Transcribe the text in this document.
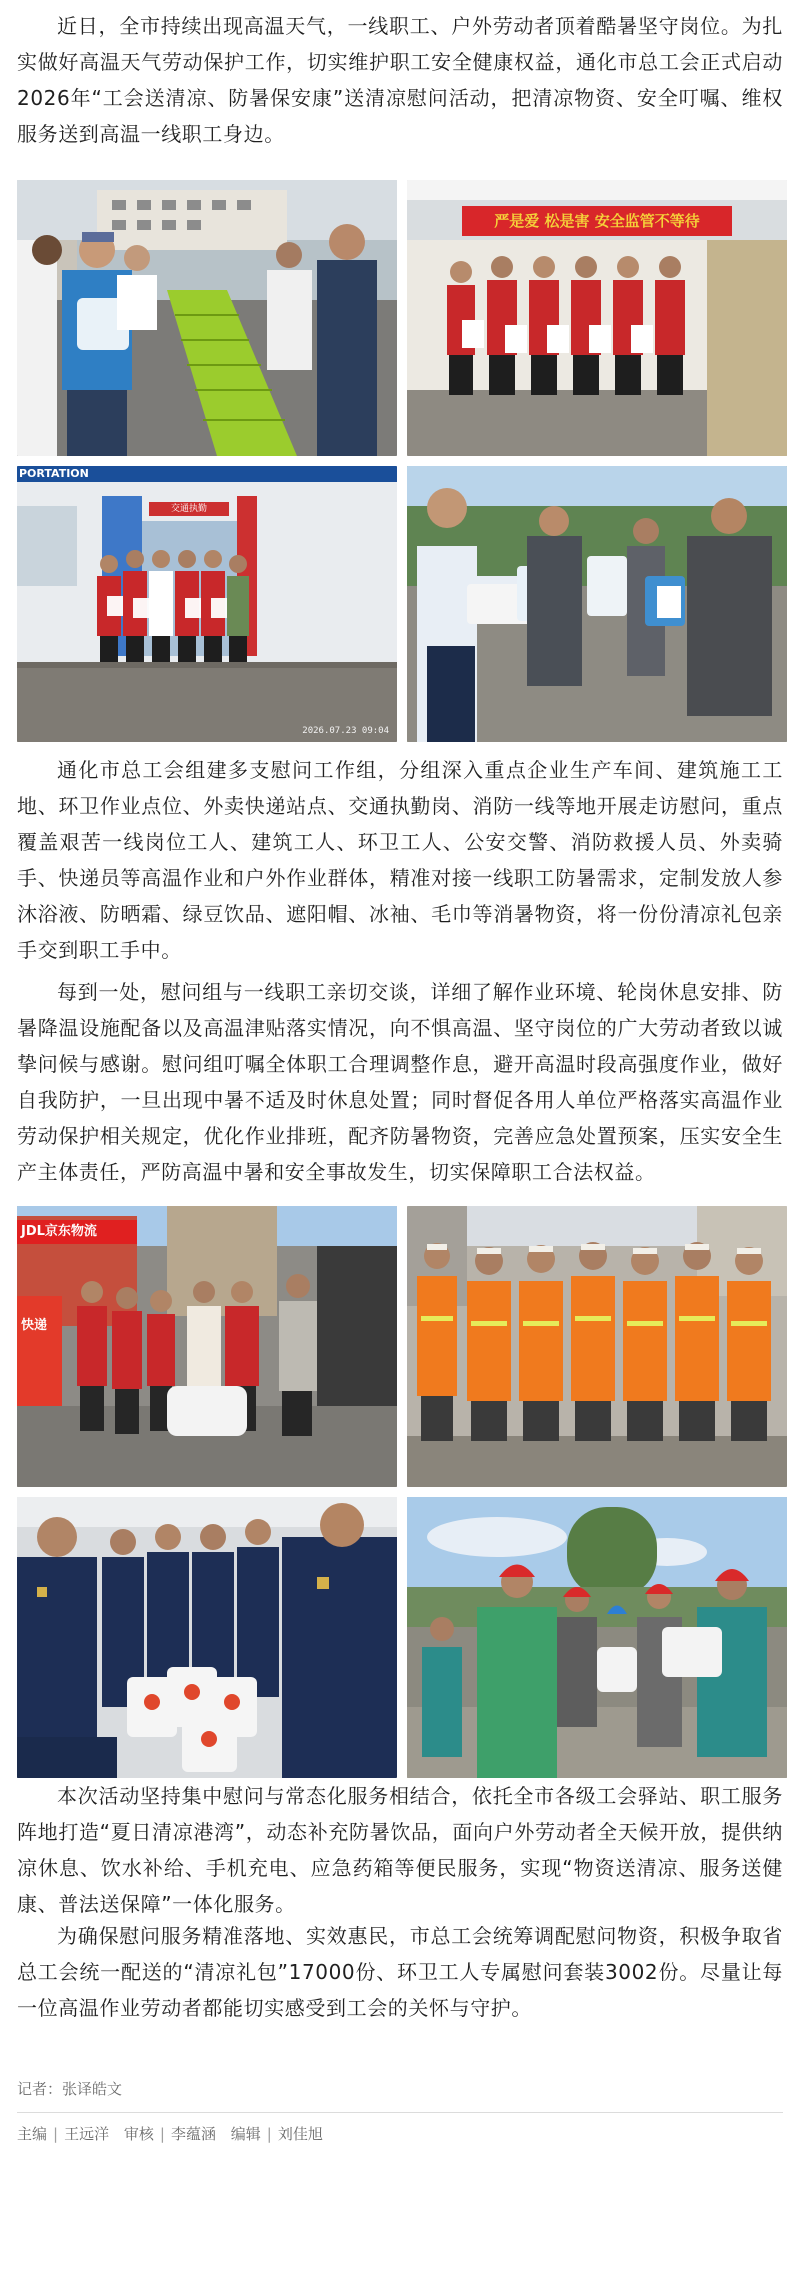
近日，全市持续出现高温天气，一线职工、户外劳动者顶着酷暑坚守岗位。为扎实做好高温天气劳动保护工作，切实维护职工安全健康权益，通化市总工会正式启动2026年“工会送清凉、防暑保安康”送清凉慰问活动，把清凉物资、安全叮嘱、维权服务送到高温一线职工身边。

严是爱 松是害 安全监管不等待
PORTATION
交通执勤
2026.07.23 09:04

通化市总工会组建多支慰问工作组，分组深入重点企业生产车间、建筑施工工地、环卫作业点位、外卖快递站点、交通执勤岗、消防一线等地开展走访慰问，重点覆盖艰苦一线岗位工人、建筑工人、环卫工人、公安交警、消防救援人员、外卖骑手、快递员等高温作业和户外作业群体，精准对接一线职工防暑需求，定制发放人参沐浴液、防晒霜、绿豆饮品、遮阳帽、冰袖、毛巾等消暑物资，将一份份清凉礼包亲手交到职工手中。

每到一处，慰问组与一线职工亲切交谈，详细了解作业环境、轮岗休息安排、防暑降温设施配备以及高温津贴落实情况，向不惧高温、坚守岗位的广大劳动者致以诚挚问候与感谢。慰问组叮嘱全体职工合理调整作息，避开高温时段高强度作业，做好自我防护，一旦出现中暑不适及时休息处置；同时督促各用人单位严格落实高温作业劳动保护相关规定，优化作业排班，配齐防暑物资，完善应急处置预案，压实安全生产主体责任，严防高温中暑和安全事故发生，切实保障职工合法权益。

JDL京东物流
快递

本次活动坚持集中慰问与常态化服务相结合，依托全市各级工会驿站、职工服务阵地打造“夏日清凉港湾”，动态补充防暑饮品，面向户外劳动者全天候开放，提供纳凉休息、饮水补给、手机充电、应急药箱等便民服务，实现“物资送清凉、服务送健康、普法送保障”一体化服务。

为确保慰问服务精准落地、实效惠民，市总工会统筹调配慰问物资，积极争取省总工会统一配送的“清凉礼包”17000份、环卫工人专属慰问套装3002份。尽量让每一位高温作业劳动者都能切实感受到工会的关怀与守护。

记者：张译皓文
主编 | 王远洋 审核 | 李蕴涵 编辑 | 刘佳旭
